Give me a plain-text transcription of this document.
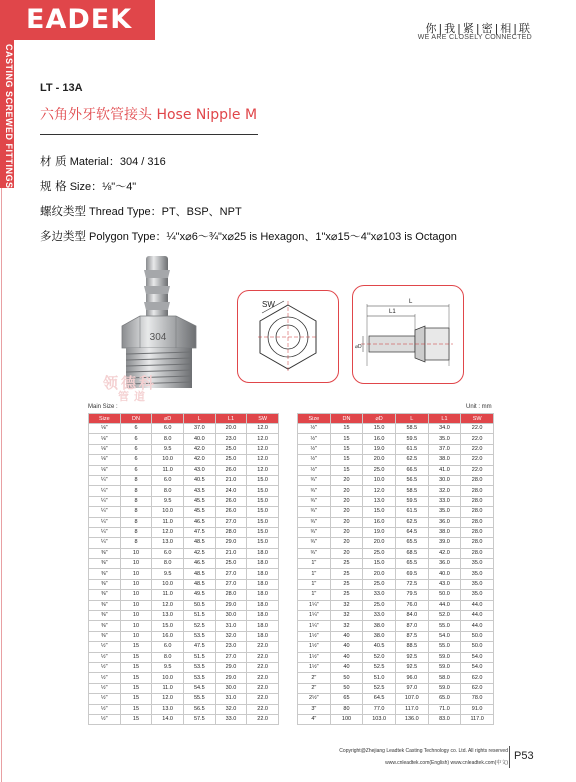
EADEK	你|我|紧|密|相|联
WE ARE CLOSELY CONNECTED
CASTING SCREWED FITTINGS LT - 13A
六角外牙软管接头 Hose Nipple M
材 质 Material：304 / 316
规 格 Size：⅛"～4"
螺纹类型 Thread Type：PT、BSP、NPT
多边类型 Polygon Type：¼"x⌀6～¾"x⌀25 is Hexagon、1"x⌀15～4"x⌀103 is Octagon
304
领德科
管道
SW	L
L1
⌀D
Main Size :	Unit : mm
Size	DN	⌀D	L	L1	SW
⅛"	6	6.0	37.0	20.0	12.0
⅛"	6	8.0	40.0	23.0	12.0
⅛"	6	9.5	42.0	25.0	12.0
⅛"	6	10.0	42.0	25.0	12.0
⅛"	6	11.0	43.0	26.0	12.0
¼"	8	6.0	40.5	21.0	15.0
¼"	8	8.0	43.5	24.0	15.0
¼"	8	9.5	45.5	26.0	15.0
¼"	8	10.0	45.5	26.0	15.0
¼"	8	11.0	46.5	27.0	15.0
¼"	8	12.0	47.5	28.0	15.0
¼"	8	13.0	48.5	29.0	15.0
⅜"	10	6.0	42.5	21.0	18.0
⅜"	10	8.0	46.5	25.0	18.0
⅜"	10	9.5	48.5	27.0	18.0
⅜"	10	10.0	48.5	27.0	18.0
⅜"	10	11.0	49.5	28.0	18.0
⅜"	10	12.0	50.5	29.0	18.0
⅜"	10	13.0	51.5	30.0	18.0
⅜"	10	15.0	52.5	31.0	18.0
⅜"	10	16.0	53.5	32.0	18.0
½"	15	6.0	47.5	23.0	22.0
½"	15	8.0	51.5	27.0	22.0
½"	15	9.5	53.5	29.0	22.0
½"	15	10.0	53.5	29.0	22.0
½"	15	11.0	54.5	30.0	22.0
½"	15	12.0	55.5	31.0	22.0
½"	15	13.0	56.5	32.0	22.0
½"	15	14.0	57.5	33.0	22.0
Size	DN	⌀D	L	L1	SW
½"	15	15.0	58.5	34.0	22.0
½"	15	16.0	59.5	35.0	22.0
½"	15	19.0	61.5	37.0	22.0
½"	15	20.0	62.5	38.0	22.0
½"	15	25.0	66.5	41.0	22.0
¾"	20	10.0	56.5	30.0	28.0
¾"	20	12.0	58.5	32.0	28.0
¾"	20	13.0	59.5	33.0	28.0
¾"	20	15.0	61.5	35.0	28.0
¾"	20	16.0	62.5	36.0	28.0
¾"	20	19.0	64.5	38.0	28.0
¾"	20	20.0	65.5	39.0	28.0
¾"	20	25.0	68.5	42.0	28.0
1"	25	15.0	65.5	36.0	35.0
1"	25	20.0	69.5	40.0	35.0
1"	25	25.0	72.5	43.0	35.0
1"	25	33.0	79.5	50.0	35.0
1¼"	32	25.0	76.0	44.0	44.0
1¼"	32	33.0	84.0	52.0	44.0
1¼"	32	38.0	87.0	55.0	44.0
1½"	40	38.0	87.5	54.0	50.0
1½"	40	40.5	88.5	55.0	50.0
1½"	40	52.0	92.5	59.0	54.0
1½"	40	52.5	92.5	59.0	54.0
2"	50	51.0	96.0	58.0	62.0
2"	50	52.5	97.0	59.0	62.0
2½"	65	64.5	107.0	65.0	78.0
3"	80	77.0	117.0	71.0	91.0
4"	100	103.0	136.0	83.0	117.0
Copyright@Zhejiang Leadtek Casting Technology co. Ltd. All rights reserved
www.cnleadtek.com(English) www.cnleadtek.com(中文)
P53
